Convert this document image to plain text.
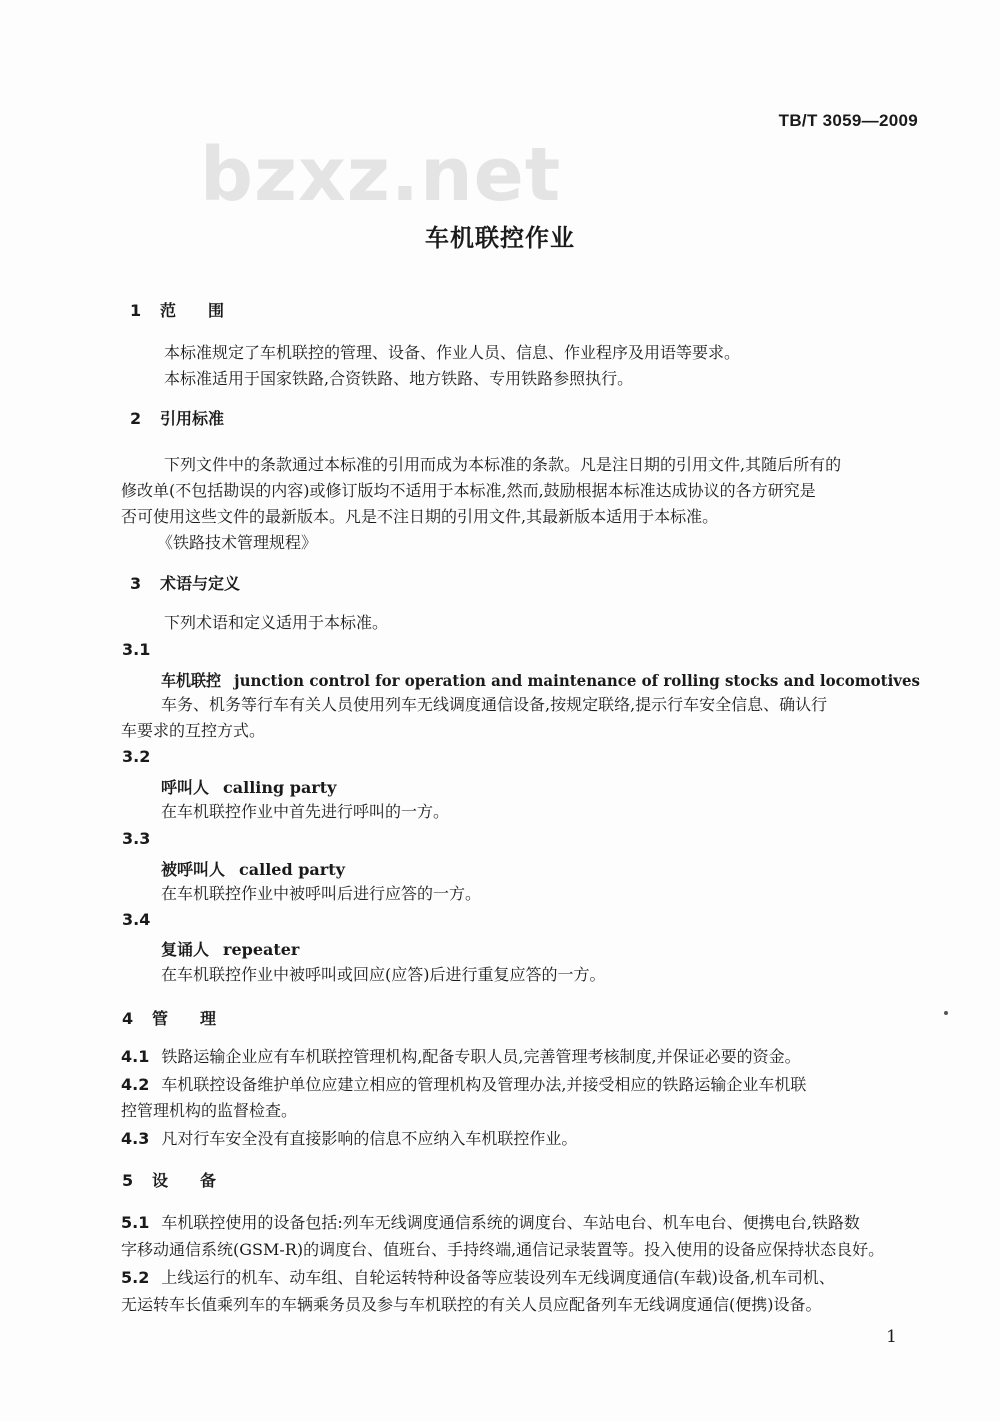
TB/T 3059—2009
bzxz.net
车机联控作业
1 范　　围
本标准规定了车机联控的管理、设备、作业人员、信息、作业程序及用语等要求。
本标准适用于国家铁路,合资铁路、地方铁路、专用铁路参照执行。
2 引用标准
下列文件中的条款通过本标准的引用而成为本标准的条款。凡是注日期的引用文件,其随后所有的
修改单(不包括勘误的内容)或修订版均不适用于本标准,然而,鼓励根据本标准达成协议的各方研究是
否可使用这些文件的最新版本。凡是不注日期的引用文件,其最新版本适用于本标准。
《铁路技术管理规程》
3 术语与定义
下列术语和定义适用于本标准。
3.1
车机联控 junction control for operation and maintenance of rolling stocks and locomotives
车务、机务等行车有关人员使用列车无线调度通信设备,按规定联络,提示行车安全信息、确认行
车要求的互控方式。
3.2
呼叫人 calling party
在车机联控作业中首先进行呼叫的一方。
3.3
被呼叫人 called party
在车机联控作业中被呼叫后进行应答的一方。
3.4
复诵人 repeater
在车机联控作业中被呼叫或回应(应答)后进行重复应答的一方。
4 管　　理
4.1 铁路运输企业应有车机联控管理机构,配备专职人员,完善管理考核制度,并保证必要的资金。
4.2 车机联控设备维护单位应建立相应的管理机构及管理办法,并接受相应的铁路运输企业车机联
控管理机构的监督检查。
4.3 凡对行车安全没有直接影响的信息不应纳入车机联控作业。
5 设　　备
5.1 车机联控使用的设备包括:列车无线调度通信系统的调度台、车站电台、机车电台、便携电台,铁路数
字移动通信系统(GSM-R)的调度台、值班台、手持终端,通信记录装置等。投入使用的设备应保持状态良好。
5.2 上线运行的机车、动车组、自轮运转特种设备等应装设列车无线调度通信(车载)设备,机车司机、
无运转车长值乘列车的车辆乘务员及参与车机联控的有关人员应配备列车无线调度通信(便携)设备。
1
